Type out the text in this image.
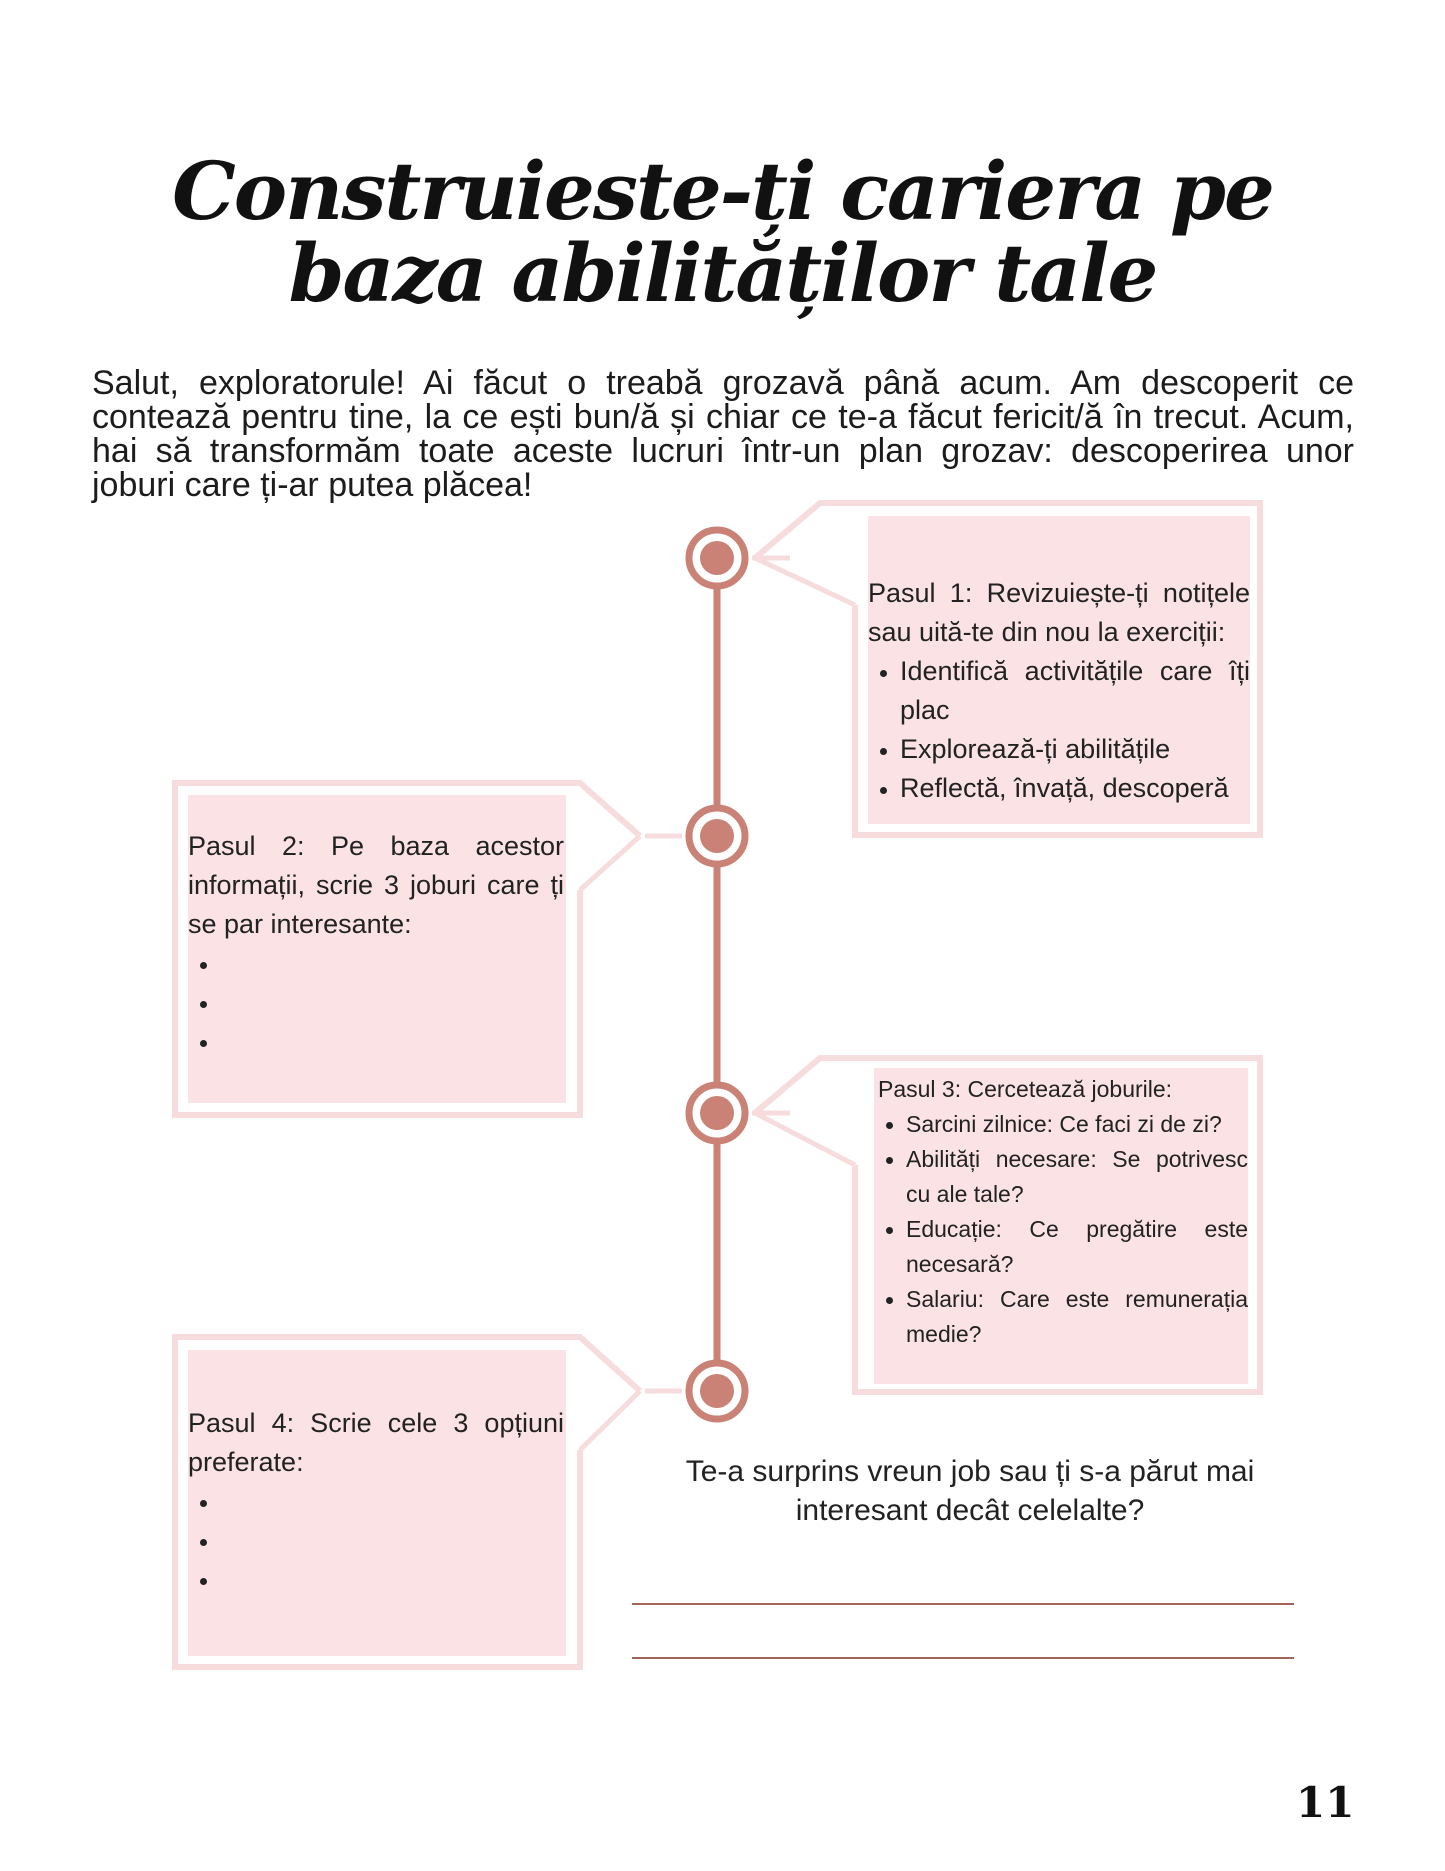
Construieste-ți cariera pe baza abilităților tale

Salut, exploratorule! Ai făcut o treabă grozavă până acum. Am descoperit ce contează pentru tine, la ce ești bun/ă și chiar ce te-a făcut fericit/ă în trecut. Acum, hai să transformăm toate aceste lucruri într-un plan grozav: descoperirea unor joburi care ți-ar putea plăcea!

Pasul 1: Revizuiește-ți notițele sau uită-te din nou la exerciții:
• Identifică activitățile care îți plac
• Explorează-ți abilitățile
• Reflectă, învață, descoperă
Pasul 2: Pe baza acestor informații, scrie 3 joburi care ți se par interesante:
•
•
•
Pasul 3: Cercetează joburile:
• Sarcini zilnice: Ce faci zi de zi?
• Abilități necesare: Se potrivesc cu ale tale?
• Educație: Ce pregătire este necesară?
• Salariu: Care este remunerația medie?
Pasul 4: Scrie cele 3 opțiuni preferate:
•
•
•	Te-a surprins vreun job sau ți s-a părut mai interesant decât celelalte?

11
